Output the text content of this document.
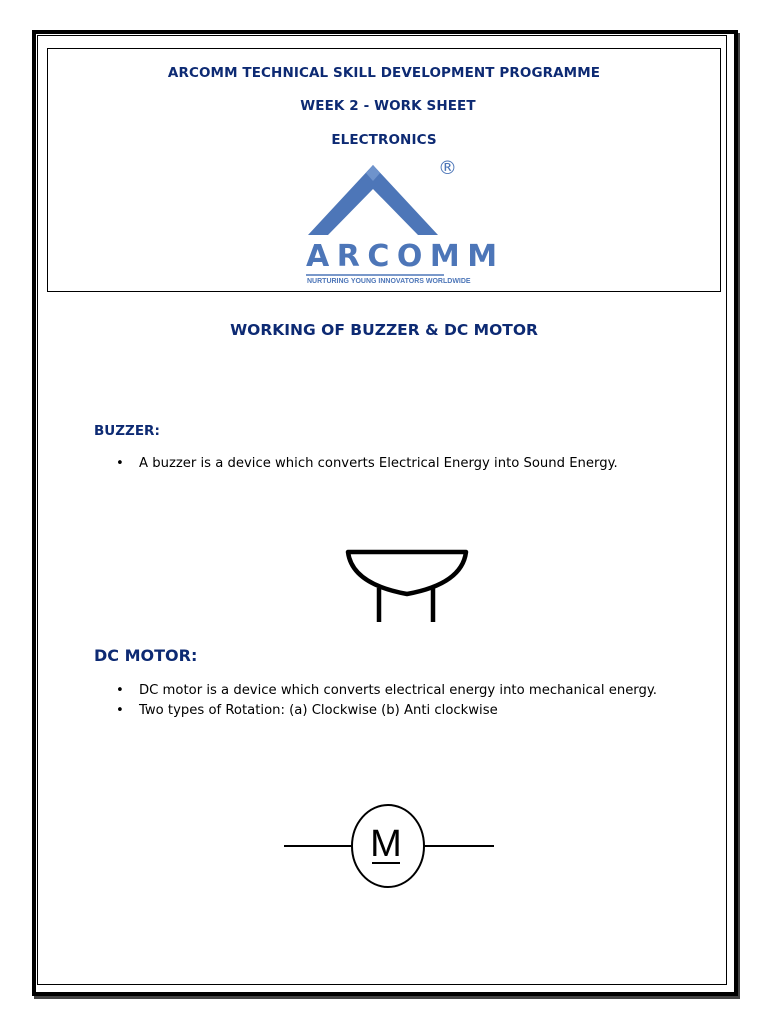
ARCOMM TECHNICAL SKILL DEVELOPMENT PROGRAMME
WEEK 2 - WORK SHEET
ELECTRONICS
ARCOMM
NURTURING YOUNG INNOVATORS WORLDWIDE
®
WORKING OF BUZZER & DC MOTOR
BUZZER:
• A buzzer is a device which converts Electrical Energy into Sound Energy.
DC MOTOR:
• DC motor is a device which converts electrical energy into mechanical energy.
• Two types of Rotation: (a) Clockwise (b) Anti clockwise
M
